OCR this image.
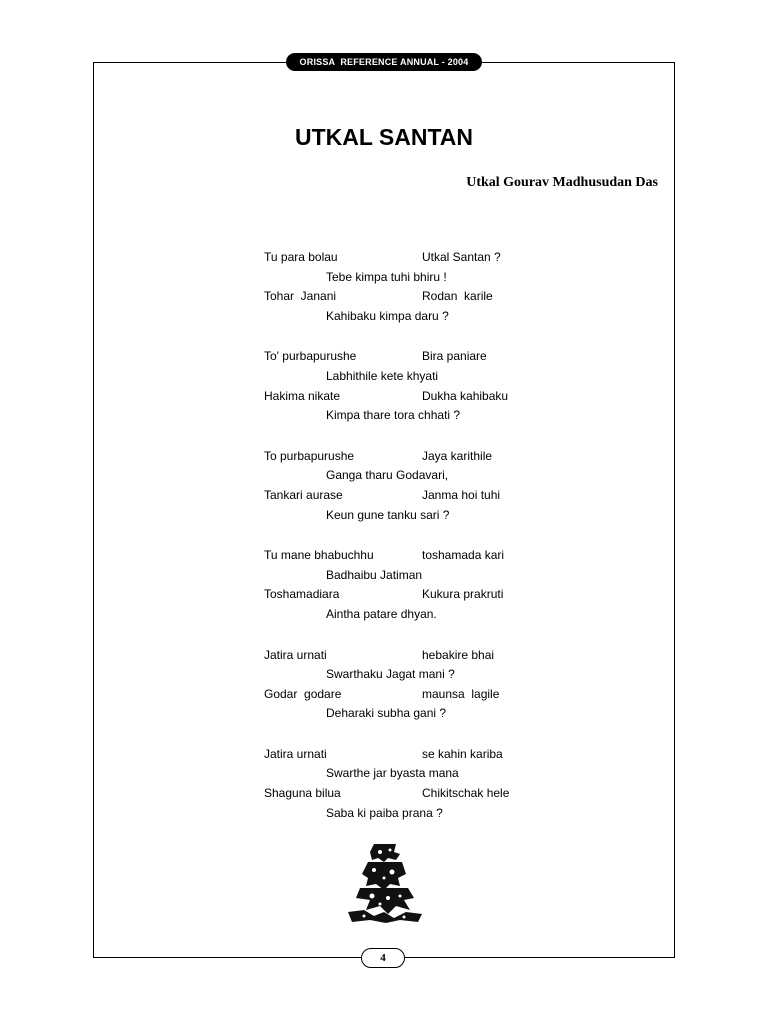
ORISSA  REFERENCE ANNUAL - 2004
UTKAL SANTAN
Utkal Gourav Madhusudan Das
Tu para bolau	Utkal Santan ?
Tebe kimpa tuhi bhiru !
Tohar  Janani	Rodan  karile
Kahibaku kimpa daru ?
To' purbapurushe	Bira paniare
Labhithile kete khyati
Hakima nikate	Dukha kahibaku
Kimpa thare tora chhati ?
To purbapurushe	Jaya karithile
Ganga tharu Godavari,
Tankari aurase	Janma hoi tuhi
Keun gune tanku sari ?
Tu mane bhabuchhu	toshamada kari
Badhaibu Jatiman
Toshamadiara	Kukura prakruti
Aintha patare dhyan.
Jatira urnati	hebakire bhai
Swarthaku Jagat mani ?
Godar  godare	maunsa  lagile
Deharaki subha gani ?
Jatira urnati	se kahin kariba
Swarthe jar byasta mana
Shaguna bilua	Chikitschak hele
Saba ki paiba prana ?
4
